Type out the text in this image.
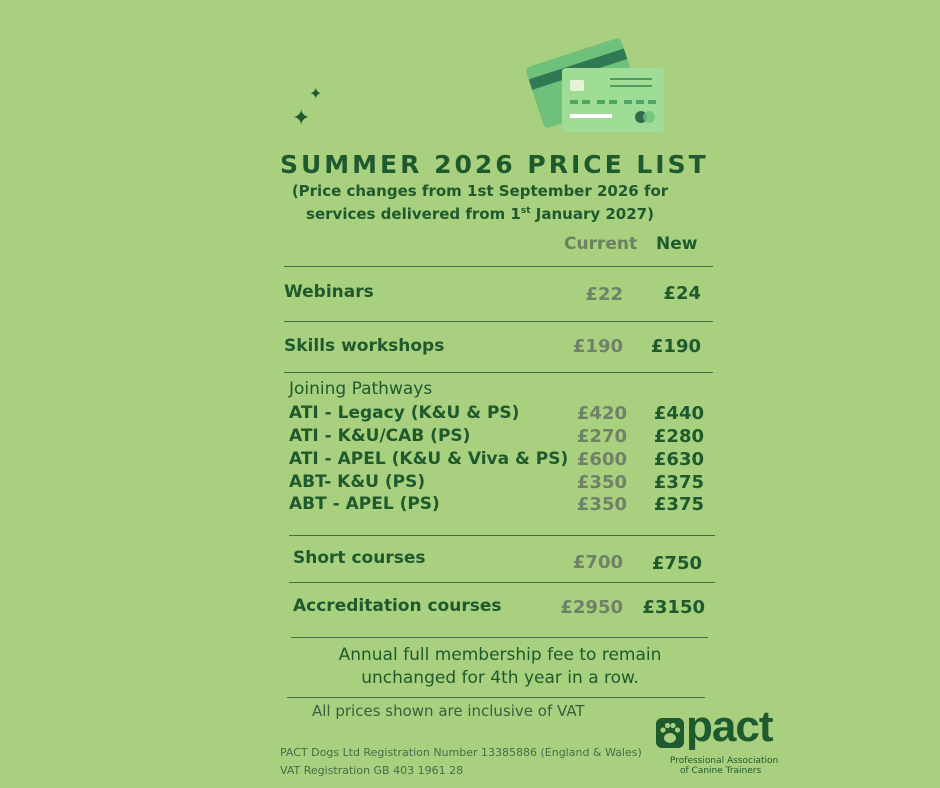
✦
✦
SUMMER 2026 PRICE LIST
(Price changes from 1st September 2026 for
services delivered from 1st January 2027)
Current New
Webinars	£22	£24
Skills workshops	£190	£190
Joining Pathways
ATI - Legacy (K&U & PS)	£420	£440
ATI - K&U/CAB (PS)	£270	£280
ATI - APEL (K&U & Viva & PS) £600	£630
ABT- K&U (PS)	£350	£375
ABT - APEL (PS)	£350	£375
Short courses	£700	£750
Accreditation courses	£2950	£3150
Annual full membership fee to remain
unchanged for 4th year in a row.
All prices shown are inclusive of VAT
PACT Dogs Ltd Registration Number 13385886 (England & Wales)
VAT Registration GB 403 1961 28
pact
Professional Association
of Canine Trainers
